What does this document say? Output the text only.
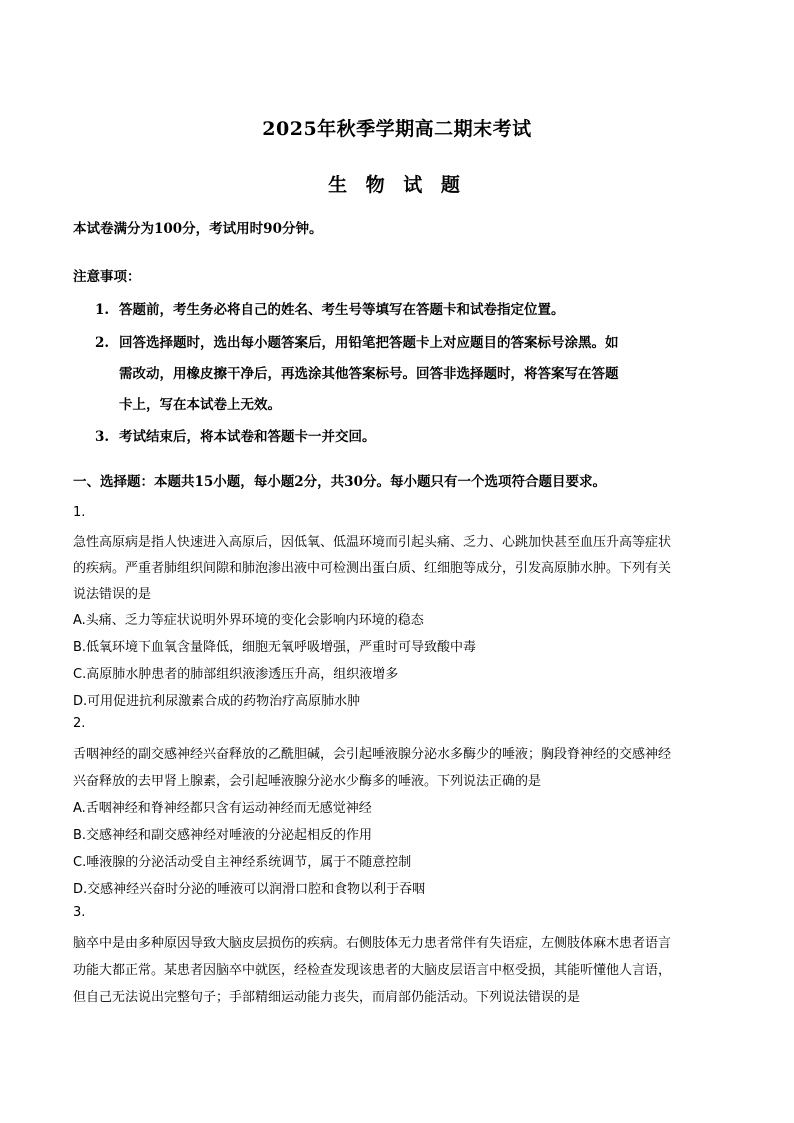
2025年秋季学期高二期末考试
生 物 试 题
本试卷满分为100分，考试用时90分钟。
注意事项：
1. 答题前，考生务必将自己的姓名、考生号等填写在答题卡和试卷指定位置。
2. 回答选择题时，选出每小题答案后，用铅笔把答题卡上对应题目的答案标号涂黑。如
需改动，用橡皮擦干净后，再选涂其他答案标号。回答非选择题时，将答案写在答题
卡上，写在本试卷上无效。
3. 考试结束后，将本试卷和答题卡一并交回。
一、选择题：本题共15小题，每小题2分，共30分。每小题只有一个选项符合题目要求。
1.
急性高原病是指人快速进入高原后，因低氧、低温环境而引起头痛、乏力、心跳加快甚至血压升高等症状
的疾病。严重者肺组织间隙和肺泡渗出液中可检测出蛋白质、红细胞等成分，引发高原肺水肿。下列有关
说法错误的是
A.头痛、乏力等症状说明外界环境的变化会影响内环境的稳态
B.低氧环境下血氧含量降低，细胞无氧呼吸增强，严重时可导致酸中毒
C.高原肺水肿患者的肺部组织液渗透压升高，组织液增多
D.可用促进抗利尿激素合成的药物治疗高原肺水肿
2.
舌咽神经的副交感神经兴奋释放的乙酰胆碱，会引起唾液腺分泌水多酶少的唾液；胸段脊神经的交感神经
兴奋释放的去甲肾上腺素，会引起唾液腺分泌水少酶多的唾液。下列说法正确的是
A.舌咽神经和脊神经都只含有运动神经而无感觉神经
B.交感神经和副交感神经对唾液的分泌起相反的作用
C.唾液腺的分泌活动受自主神经系统调节，属于不随意控制
D.交感神经兴奋时分泌的唾液可以润滑口腔和食物以利于吞咽
3.
脑卒中是由多种原因导致大脑皮层损伤的疾病。右侧肢体无力患者常伴有失语症，左侧肢体麻木患者语言
功能大都正常。某患者因脑卒中就医，经检查发现该患者的大脑皮层语言中枢受损，其能听懂他人言语，
但自己无法说出完整句子；手部精细运动能力丧失，而肩部仍能活动。下列说法错误的是
